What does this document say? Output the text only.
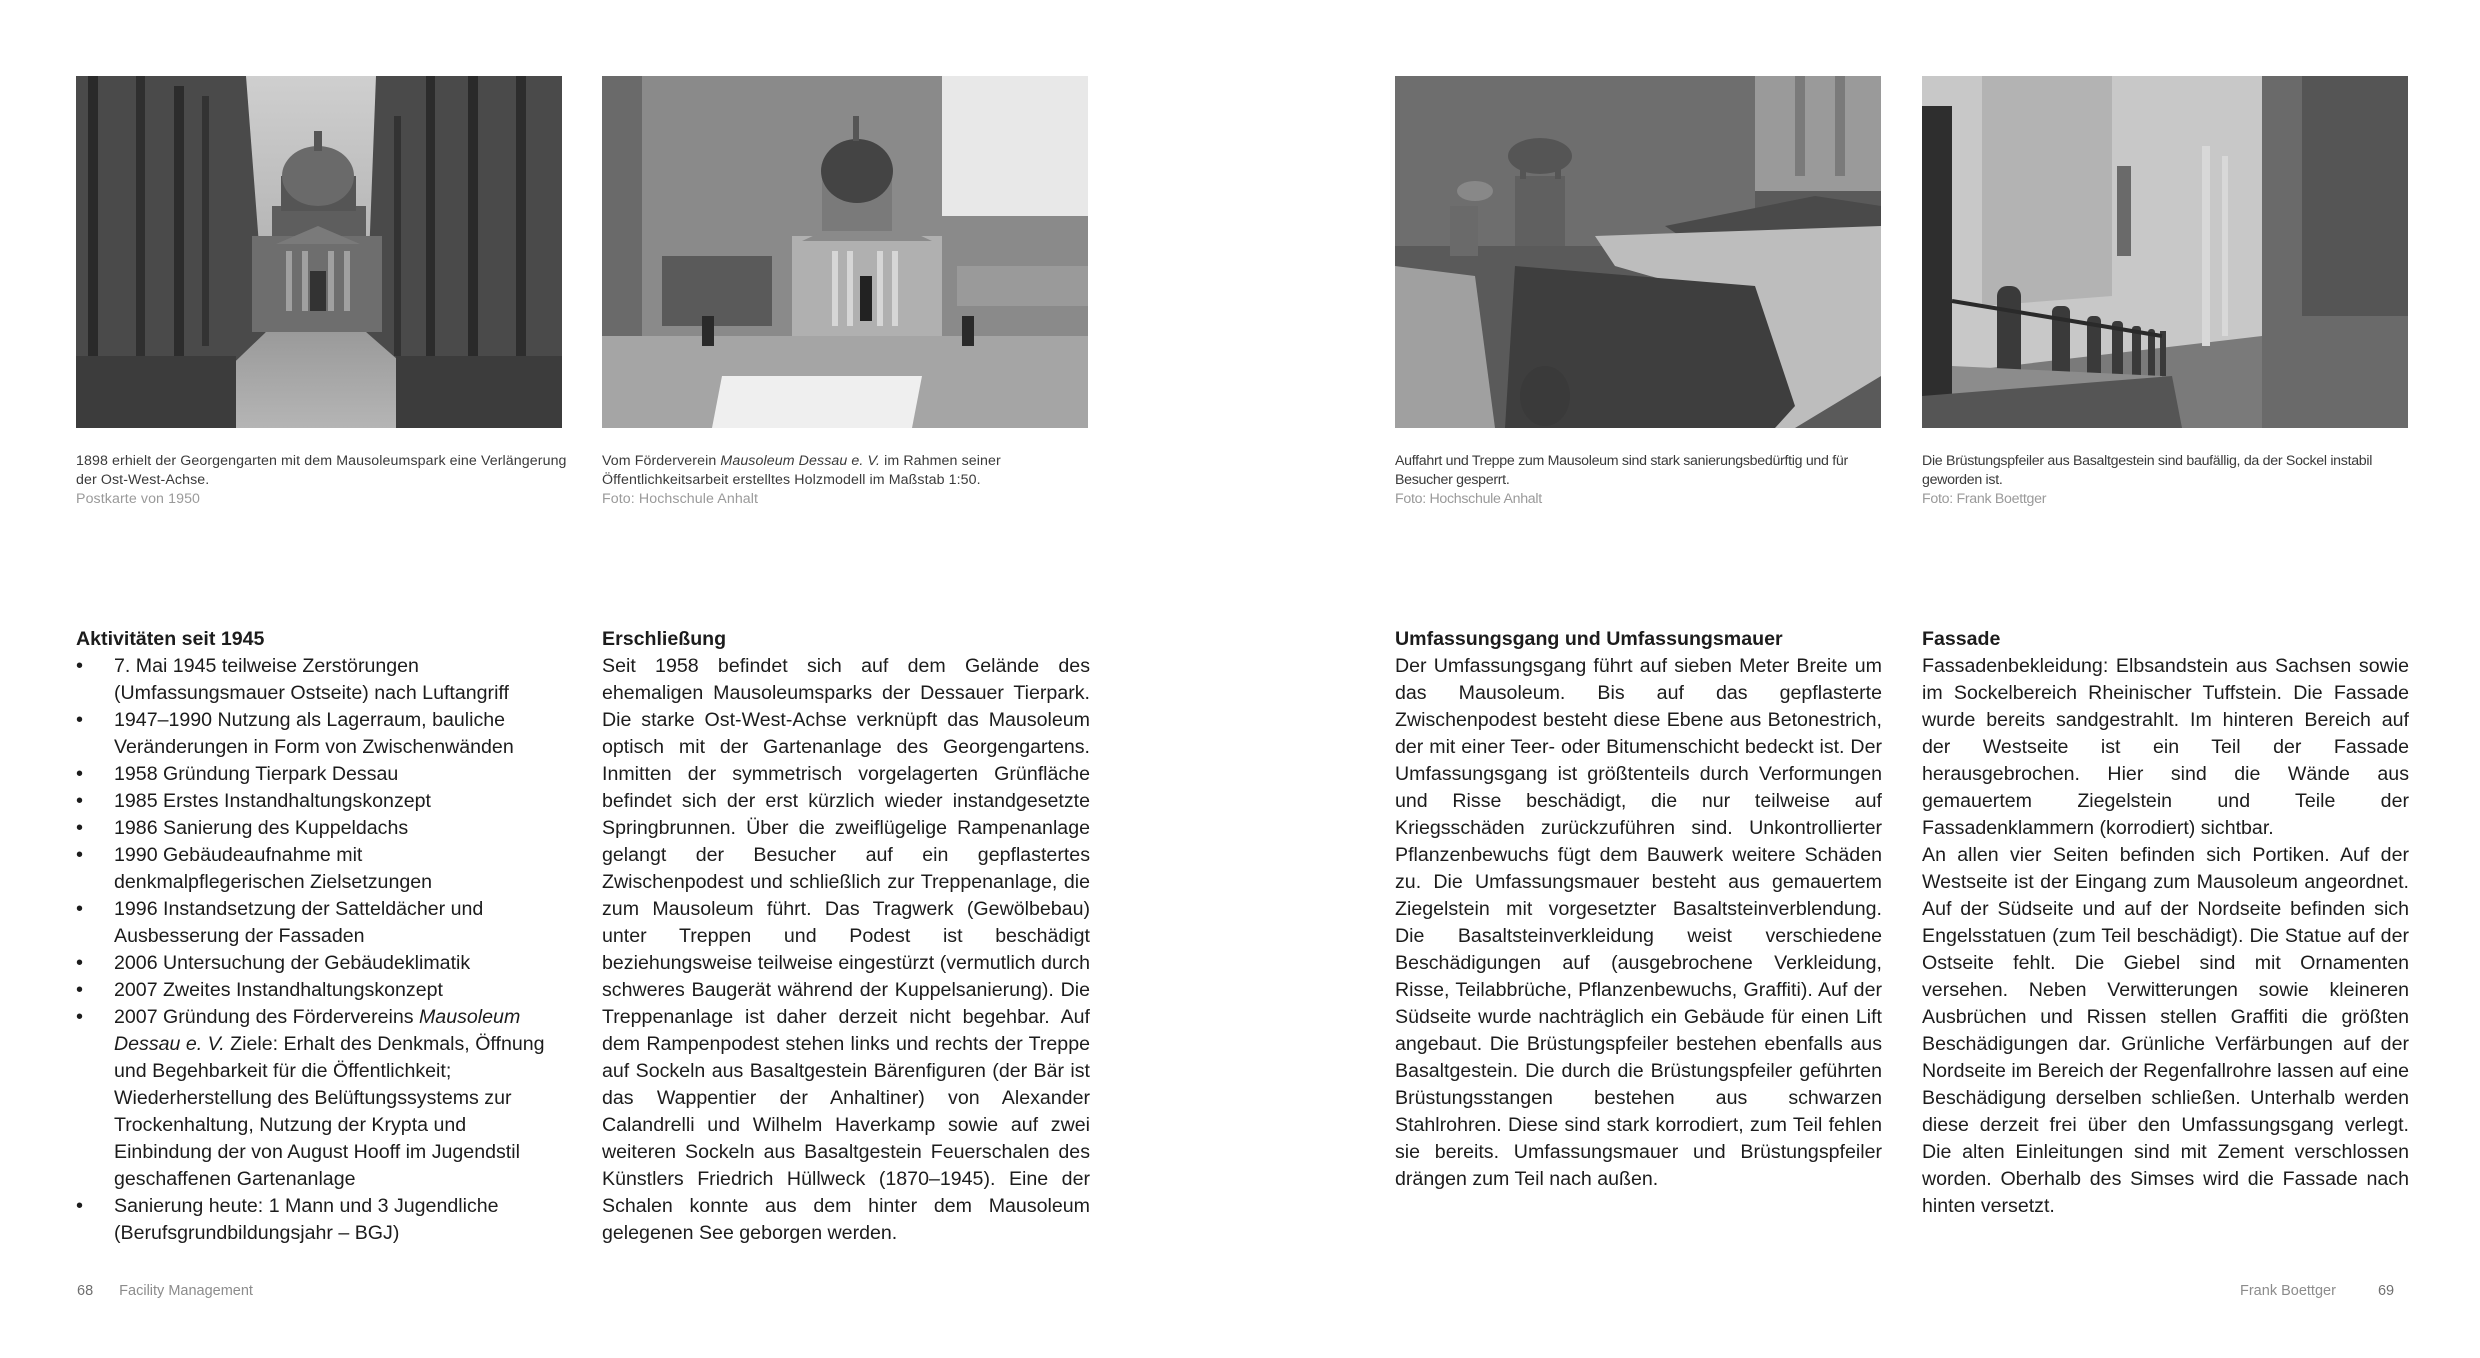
1898 erhielt der Georgengarten mit dem Mausoleumspark eine Verlängerung der Ost-West-Achse.
Postkarte von 1950
Vom Förderverein Mausoleum Dessau e. V. im Rahmen seiner Öffentlichkeitsarbeit erstelltes Holzmodell im Maßstab 1:50.
Foto: Hochschule Anhalt
Auffahrt und Treppe zum Mausoleum sind stark sanierungsbedürftig und für Besucher gesperrt.
Foto: Hochschule Anhalt
Die Brüstungspfeiler aus Basaltgestein sind baufällig, da der Sockel instabil geworden ist.
Foto: Frank Boettger
Aktivitäten seit 1945
• 7. Mai 1945 teilweise Zerstörungen (Umfassungsmauer Ostseite) nach Luftangriff
• 1947–1990 Nutzung als Lagerraum, bauliche Veränderungen in Form von Zwischenwänden
• 1958 Gründung Tierpark Dessau
• 1985 Erstes Instandhaltungskonzept
• 1986 Sanierung des Kuppeldachs
• 1990 Gebäudeaufnahme mit denkmalpflegerischen Zielsetzungen
• 1996 Instandsetzung der Satteldächer und Ausbesserung der Fassaden
• 2006 Untersuchung der Gebäudeklimatik
• 2007 Zweites Instandhaltungskonzept
• 2007 Gründung des Fördervereins Mausoleum Dessau e. V. Ziele: Erhalt des Denkmals, Öffnung und Begehbarkeit für die Öffentlichkeit; Wiederherstellung des Belüftungssystems zur Trockenhaltung, Nutzung der Krypta und Einbindung der von August Hooff im Jugendstil geschaffenen Gartenanlage
• Sanierung heute: 1 Mann und 3 Jugendliche (Berufsgrundbildungsjahr – BGJ)
Erschließung

Seit 1958 befindet sich auf dem Gelände des ehemaligen Mausoleumsparks der Dessauer Tierpark. Die starke Ost-West-Achse verknüpft das Mausoleum optisch mit der Gartenanlage des Georgengartens. Inmitten der symmetrisch vorgelagerten Grünfläche befindet sich der erst kürzlich wieder instandgesetzte Springbrunnen. Über die zweiflügelige Rampenanlage gelangt der Besucher auf ein gepflastertes Zwischenpodest und schließlich zur Treppenanlage, die zum Mausoleum führt. Das Tragwerk (Gewölbebau) unter Treppen und Podest ist beschädigt beziehungsweise teilweise eingestürzt (vermutlich durch schweres Baugerät während der Kuppelsanierung). Die Treppenanlage ist daher derzeit nicht begehbar. Auf dem Rampenpodest stehen links und rechts der Treppe auf Sockeln aus Basaltgestein Bärenfiguren (der Bär ist das Wappentier der Anhaltiner) von Alexander Calandrelli und Wilhelm Haverkamp sowie auf zwei weiteren Sockeln aus Basaltgestein Feuerschalen des Künstlers Friedrich Hüllweck (1870–1945). Eine der Schalen konnte aus dem hinter dem Mausoleum gelegenen See geborgen werden.

Umfassungsgang und Umfassungsmauer

Der Umfassungsgang führt auf sieben Meter Breite um das Mausoleum. Bis auf das gepflasterte Zwischenpodest besteht diese Ebene aus Betonestrich, der mit einer Teer- oder Bitumenschicht bedeckt ist. Der Umfassungsgang ist größtenteils durch Verformungen und Risse beschädigt, die nur teilweise auf Kriegsschäden zurückzuführen sind. Unkontrollierter Pflanzenbewuchs fügt dem Bauwerk weitere Schäden zu. Die Umfassungsmauer besteht aus gemauertem Ziegelstein mit vorgesetzter Basaltsteinverblendung. Die Basaltsteinverkleidung weist verschiedene Beschädigungen auf (ausgebrochene Verkleidung, Risse, Teilabbrüche, Pflanzenbewuchs, Graffiti). Auf der Südseite wurde nachträglich ein Gebäude für einen Lift angebaut. Die Brüstungspfeiler bestehen ebenfalls aus Basaltgestein. Die durch die Brüstungspfeiler geführten Brüstungsstangen bestehen aus schwarzen Stahlrohren. Diese sind stark korrodiert, zum Teil fehlen sie bereits. Umfassungsmauer und Brüstungspfeiler drängen zum Teil nach außen.

Fassade

Fassadenbekleidung: Elbsandstein aus Sachsen sowie im Sockelbereich Rheinischer Tuffstein. Die Fassade wurde bereits sandgestrahlt. Im hinteren Bereich auf der Westseite ist ein Teil der Fassade herausgebrochen. Hier sind die Wände aus gemauertem Ziegelstein und Teile der Fassadenklammern (korrodiert) sichtbar.

An allen vier Seiten befinden sich Portiken. Auf der Westseite ist der Eingang zum Mausoleum angeordnet. Auf der Südseite und auf der Nordseite befinden sich Engelsstatuen (zum Teil beschädigt). Die Statue auf der Ostseite fehlt. Die Giebel sind mit Ornamenten versehen. Neben Verwitterungen sowie kleineren Ausbrüchen und Rissen stellen Graffiti die größten Beschädigungen dar. Grünliche Verfärbungen auf der Nordseite im Bereich der Regenfallrohre lassen auf eine Beschädigung derselben schließen. Unterhalb werden diese derzeit frei über den Umfassungsgang verlegt. Die alten Einleitungen sind mit Zement verschlossen worden. Oberhalb des Simses wird die Fassade nach hinten versetzt.

68 Facility Management	Frank Boettger	69
